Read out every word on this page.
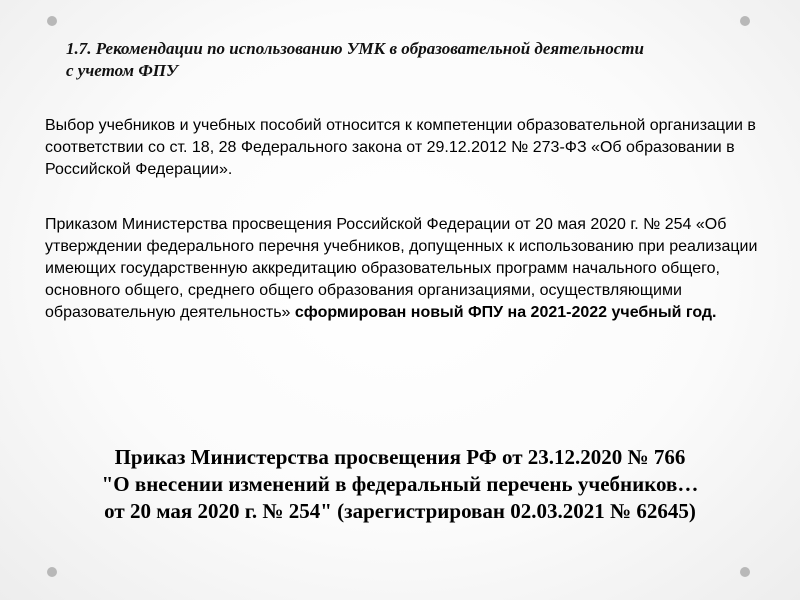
1.7. Рекомендации по использованию УМК в образовательной деятельности
с учетом ФПУ

Выбор учебников и учебных пособий относится к компетенции образовательной организации в соответствии со ст. 18, 28 Федерального закона от 29.12.2012 № 273-ФЗ «Об образовании в Российской Федерации».

Приказом Министерства просвещения Российской Федерации от 20 мая 2020 г. № 254 «Об утверждении федерального перечня учебников, допущенных к использованию при реализации имеющих государственную аккредитацию образовательных программ начального общего, основного общего, среднего общего образования организациями, осуществляющими образовательную деятельность» сформирован новый ФПУ на 2021-2022 учебный год.

Приказ Министерства просвещения РФ от 23.12.2020 № 766
"О внесении изменений в федеральный перечень учебников…
от 20 мая 2020 г. № 254" (зарегистрирован 02.03.2021 № 62645)
